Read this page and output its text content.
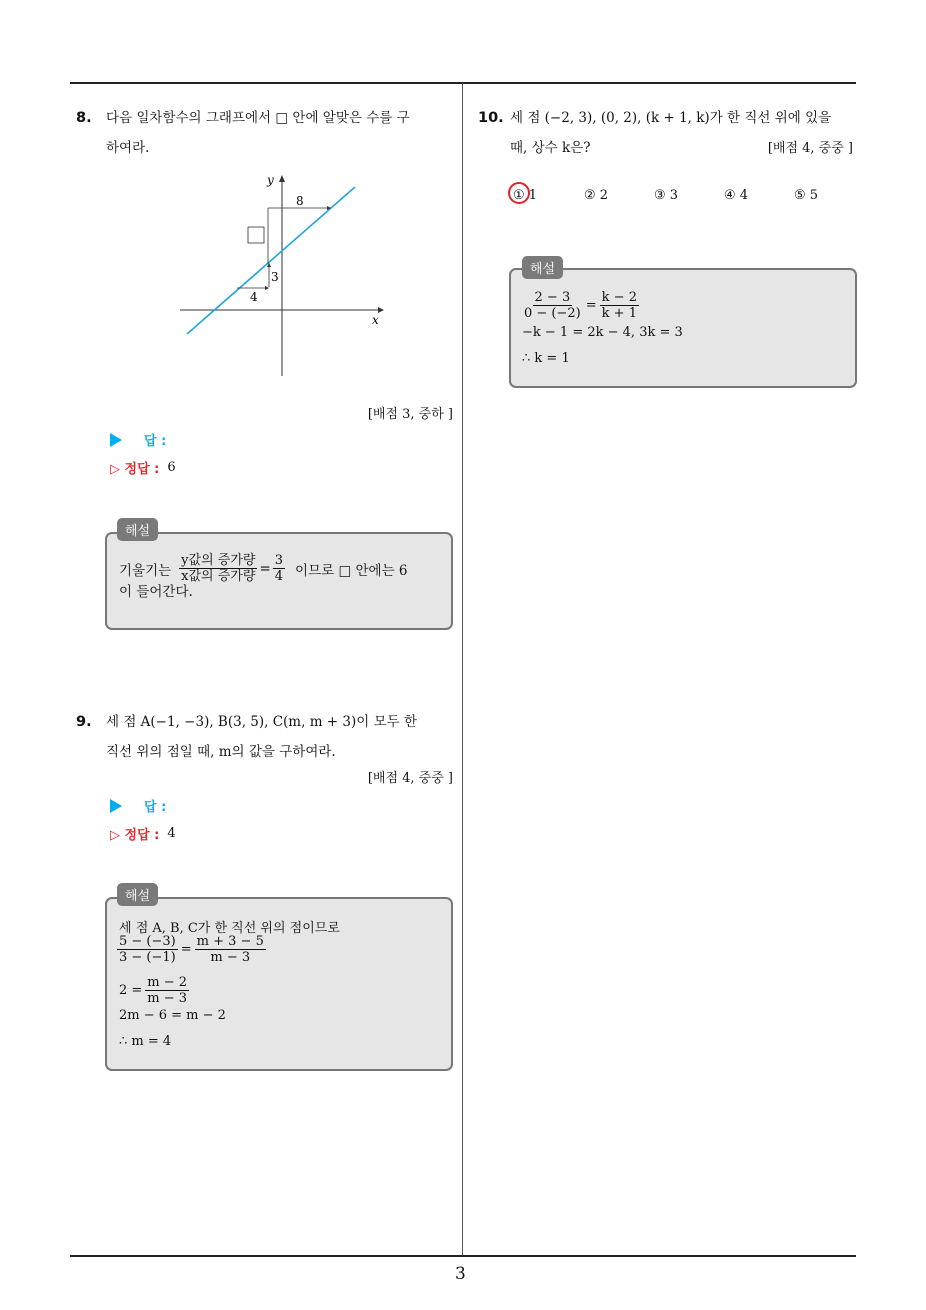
3
8. 다음 일차함수의 그래프에서 □ 안에 알맞은 수를 구
하여라.
y
x
8
3
4
[배점 3, 중하 ]
답 :
▷ 정답 : 6
해설
기울기는 $\frac{\text{y값의 증가량}}{\text{x값의 증가량}} = \frac{3}{4}$ 이므로 □ 안에는 6
이 들어간다.
9. 세 점 A(−1, −3), B(3, 5), C(m, m + 3)이 모두 한
직선 위의 점일 때, m의 값을 구하여라.
[배점 4, 중중 ]
답 :
▷ 정답 : 4
해설
세 점 A, B, C가 한 직선 위의 점이므로
$\frac{5 - (-3)}{3 - (-1)} = \frac{m + 3 - 5}{m - 3}$
$2 = \frac{m - 2}{m - 3}$
2m − 6 = m − 2
∴ m = 4
10. 세 점 (−2, 3), (0, 2), (k + 1, k)가 한 직선 위에 있을
때, 상수 k은?	[배점 4, 중중 ]
① 1	② 2	③ 3	④ 4	⑤ 5
해설
$\frac{2 - 3}{0 - (-2)} = \frac{k - 2}{k + 1}$
−k − 1 = 2k − 4, 3k = 3
∴ k = 1
